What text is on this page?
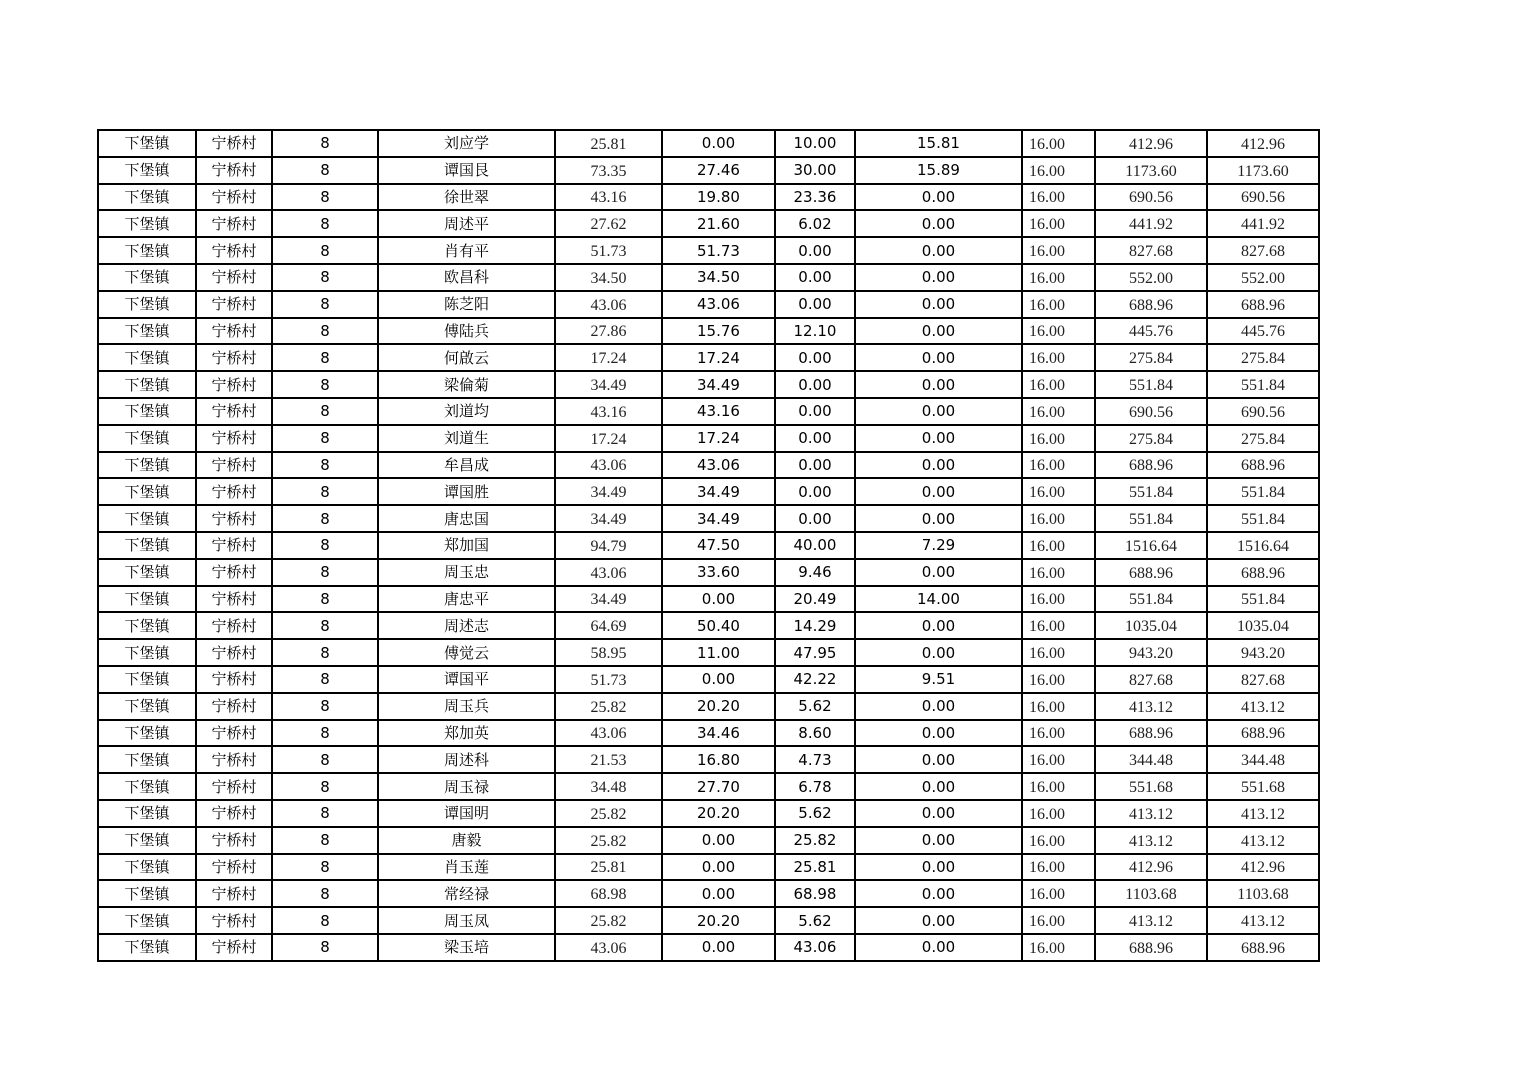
下堡镇	宁桥村	8	刘应学	25.81	0.00	10.00	15.81	16.00	412.96	412.96
下堡镇	宁桥村	8	谭国艮	73.35	27.46	30.00	15.89	16.00	1173.60	1173.60
下堡镇	宁桥村	8	徐世翠	43.16	19.80	23.36	0.00	16.00	690.56	690.56
下堡镇	宁桥村	8	周述平	27.62	21.60	6.02	0.00	16.00	441.92	441.92
下堡镇	宁桥村	8	肖有平	51.73	51.73	0.00	0.00	16.00	827.68	827.68
下堡镇	宁桥村	8	欧昌科	34.50	34.50	0.00	0.00	16.00	552.00	552.00
下堡镇	宁桥村	8	陈芝阳	43.06	43.06	0.00	0.00	16.00	688.96	688.96
下堡镇	宁桥村	8	傅陆兵	27.86	15.76	12.10	0.00	16.00	445.76	445.76
下堡镇	宁桥村	8	何啟云	17.24	17.24	0.00	0.00	16.00	275.84	275.84
下堡镇	宁桥村	8	梁倫菊	34.49	34.49	0.00	0.00	16.00	551.84	551.84
下堡镇	宁桥村	8	刘道均	43.16	43.16	0.00	0.00	16.00	690.56	690.56
下堡镇	宁桥村	8	刘道生	17.24	17.24	0.00	0.00	16.00	275.84	275.84
下堡镇	宁桥村	8	牟昌成	43.06	43.06	0.00	0.00	16.00	688.96	688.96
下堡镇	宁桥村	8	谭国胜	34.49	34.49	0.00	0.00	16.00	551.84	551.84
下堡镇	宁桥村	8	唐忠国	34.49	34.49	0.00	0.00	16.00	551.84	551.84
下堡镇	宁桥村	8	郑加国	94.79	47.50	40.00	7.29	16.00	1516.64	1516.64
下堡镇	宁桥村	8	周玉忠	43.06	33.60	9.46	0.00	16.00	688.96	688.96
下堡镇	宁桥村	8	唐忠平	34.49	0.00	20.49	14.00	16.00	551.84	551.84
下堡镇	宁桥村	8	周述志	64.69	50.40	14.29	0.00	16.00	1035.04	1035.04
下堡镇	宁桥村	8	傅觉云	58.95	11.00	47.95	0.00	16.00	943.20	943.20
下堡镇	宁桥村	8	谭国平	51.73	0.00	42.22	9.51	16.00	827.68	827.68
下堡镇	宁桥村	8	周玉兵	25.82	20.20	5.62	0.00	16.00	413.12	413.12
下堡镇	宁桥村	8	郑加英	43.06	34.46	8.60	0.00	16.00	688.96	688.96
下堡镇	宁桥村	8	周述科	21.53	16.80	4.73	0.00	16.00	344.48	344.48
下堡镇	宁桥村	8	周玉禄	34.48	27.70	6.78	0.00	16.00	551.68	551.68
下堡镇	宁桥村	8	谭国明	25.82	20.20	5.62	0.00	16.00	413.12	413.12
下堡镇	宁桥村	8	唐毅	25.82	0.00	25.82	0.00	16.00	413.12	413.12
下堡镇	宁桥村	8	肖玉莲	25.81	0.00	25.81	0.00	16.00	412.96	412.96
下堡镇	宁桥村	8	常经禄	68.98	0.00	68.98	0.00	16.00	1103.68	1103.68
下堡镇	宁桥村	8	周玉凤	25.82	20.20	5.62	0.00	16.00	413.12	413.12
下堡镇	宁桥村	8	梁玉培	43.06	0.00	43.06	0.00	16.00	688.96	688.96
